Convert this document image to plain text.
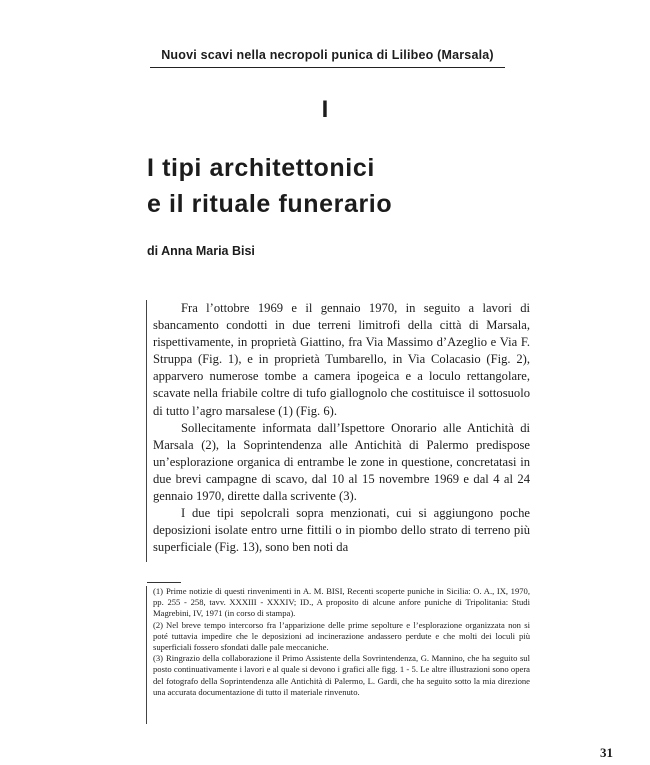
Nuovi scavi nella necropoli punica di Lilibeo (Marsala)
I
I tipi architettonici
e il rituale funerario
di Anna Maria Bisi

Fra l’ottobre 1969 e il gennaio 1970, in seguito a lavori di sbancamento condotti in due terreni limitrofi della città di Marsala, rispettivamente, in proprietà Giattino, fra Via Massimo d’Azeglio e Via F. Struppa (Fig. 1), e in proprietà Tumbarello, in Via Colacasio (Fig. 2), apparvero numerose tombe a camera ipogeica e a loculo rettangolare, scavate nella friabile coltre di tufo giallognolo che costituisce il sottosuolo di tutto l’agro marsalese (1) (Fig. 6).

Sollecitamente informata dall’Ispettore Onorario alle Antichità di Marsala (2), la Soprintendenza alle Antichità di Palermo predispose un’esplorazione organica di entrambe le zone in questione, concretatasi in due brevi campagne di scavo, dal 10 al 15 novembre 1969 e dal 4 al 24 gennaio 1970, dirette dalla scrivente (3).

I due tipi sepolcrali sopra menzionati, cui si aggiungono poche deposizioni isolate entro urne fittili o in piombo dello strato di terreno più superficiale (Fig. 13), sono ben noti da

(1) Prime notizie di questi rinvenimenti in A. M. BISI, Recenti scoperte puniche in Sicilia: O. A., IX, 1970, pp. 255 - 258, tavv. XXXIII - XXXIV; ID., A proposito di alcune anfore puniche di Tripolitania: Studi Magrebini, IV, 1971 (in corso di stampa).

(2) Nel breve tempo intercorso fra l’apparizione delle prime sepolture e l’esplorazione organizzata non si poté tuttavia impedire che le deposizioni ad incinerazione andassero perdute e che molti dei loculi più superficiali fossero sfondati dalle pale meccaniche.

(3) Ringrazio della collaborazione il Primo Assistente della Sovrintendenza, G. Mannino, che ha seguito sul posto continuativamente i lavori e al quale si devono i grafici alle figg. 1 - 5. Le altre illustrazioni sono opera del fotografo della Soprintendenza alle Antichità di Palermo, L. Gardi, che ha seguito sotto la mia direzione una accurata documentazione di tutto il materiale rinvenuto.

31
